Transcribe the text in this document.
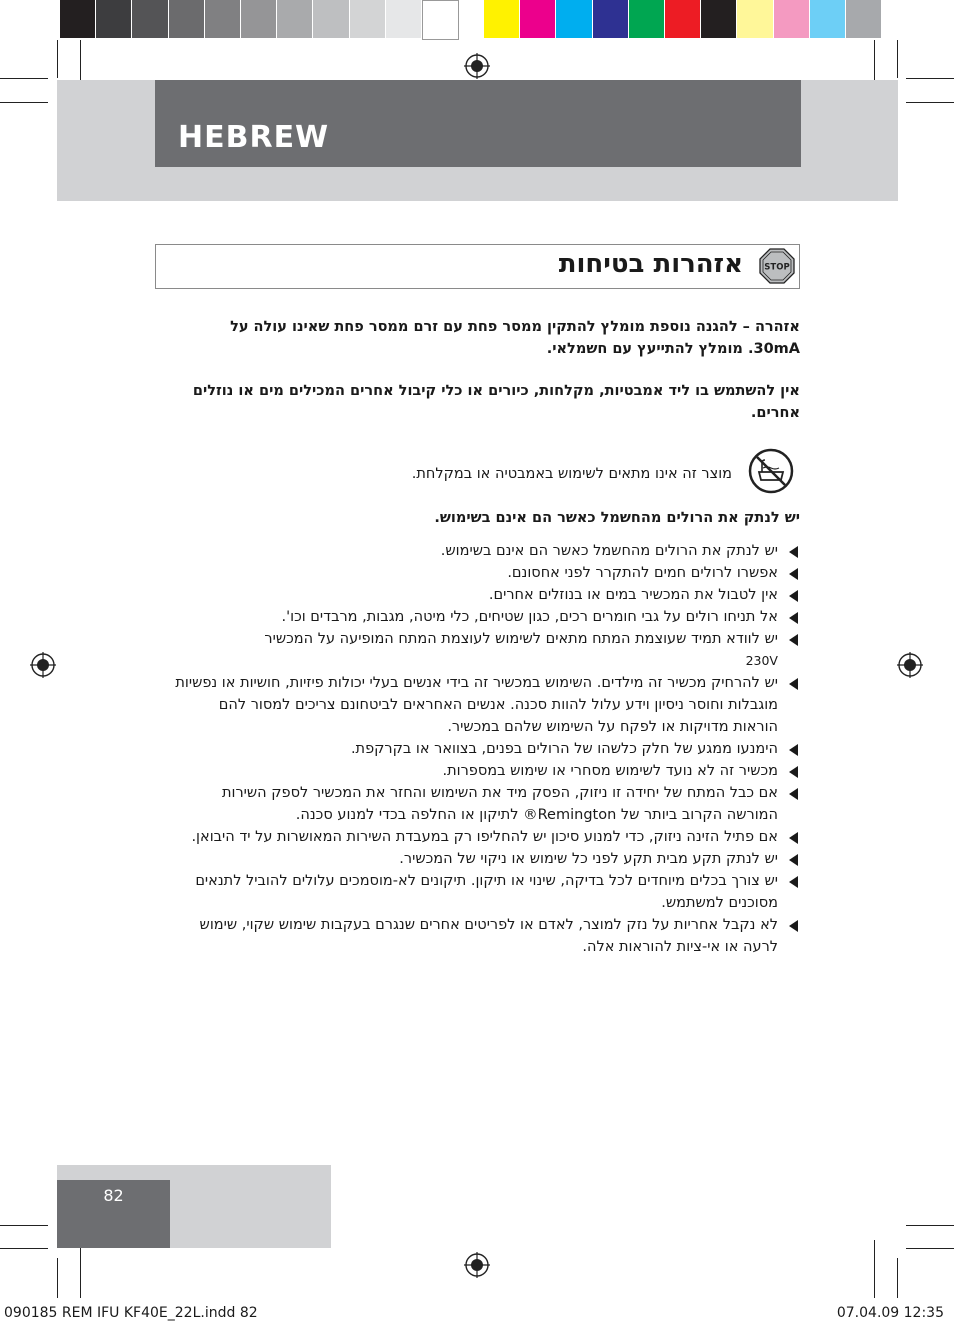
HEBREW
אזהרות בטיחות	STOP
אזהרה – להגנה נוספת מומלץ להתקין ממסר פחת עם זרם ממסר פחת שאינו עולה על
30mA. מומלץ להתייעץ עם חשמלאי.
אין להשתמש בו ליד אמבטיות, מקלחות, כיורים או כלי קיבול אחרים המכילים מים או נוזלים
אחרים.
מוצר זה אינו מתאים לשימוש באמבטיה או במקלחת.
יש לנתק את הרולים מהחשמל כאשר הם אינם בשימוש.
יש לנתק את הרולים מהחשמל כאשר הם אינם בשימוש.
אפשרו לרולים חמים להתקרר לפני אחסונם.
אין לטבול את המכשיר במים או בנוזלים אחרים.
אל תניחו רולים על גבי חומרים רכים, כגון שטיחים, כלי מיטה, מגבות, מרבדים וכו'.
יש לוודא תמיד שעוצמת המתח מתאים לשימוש לעוצמת המתח המופיעה על המכשיר
230V
יש להרחיק מכשיר זה מילדים. השימוש במכשיר זה בידי אנשים בעלי יכולות פיזיות, חושיות או נפשיות מוגבלות וחוסר ניסיון וידע עלול להוות סכנה. אנשים האחראים לביטחונם צריכים למסור להם הוראות מדויקות או לפקח על השימוש שלהם במכשיר.
הימנעו ממגע של חלק כלשהו של הרולים בפנים, בצוואר או בקרקפת.
מכשיר זה לא נועד לשימוש מסחרי או שימוש במספרות.
אם כבל המתח של יחידה זו ניזוק, הפסק מיד את השימוש והחזר את המכשיר לספק השירות המורשה הקרוב ביותר של Remington® לתיקון או החלפה בכדי למנוע סכנה.
אם פתיל הזינה ניזוק, כדי למנוע סיכון יש להחליפו רק במעבדת השירות המאושרות על יד היבואן.
יש לנתק תקע מבית תקע לפני כל שימוש או ניקוי של המכשיר.
יש צורך בכלים מיוחדים לכל בדיקה, שינוי או תיקון. תיקונים לא-מוסמכים עלולים להוביל לתנאים מסוכנים למשתמש.
לא נקבל אחריות על נזק למוצר, לאדם או לפריטים אחרים שנגרם בעקבות שימוש שקוי, שימוש לרעה או אי-ציות להוראות אלה.
82
090185 REM IFU KF40E_22L.indd 82	07.04.09 12:35
